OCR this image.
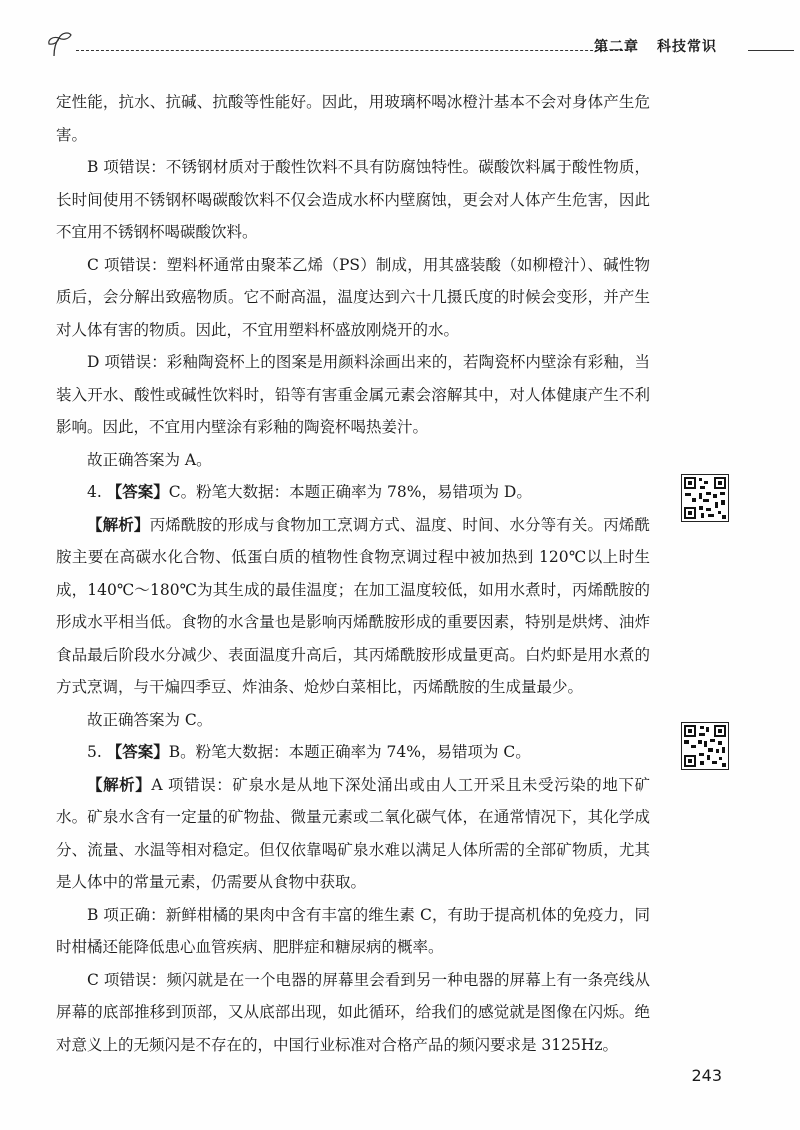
第二章 科技常识

定性能，抗水、抗碱、抗酸等性能好。因此，用玻璃杯喝冰橙汁基本不会对身体产生危害。

B 项错误：不锈钢材质对于酸性饮料不具有防腐蚀特性。碳酸饮料属于酸性物质，长时间使用不锈钢杯喝碳酸饮料不仅会造成水杯内壁腐蚀，更会对人体产生危害，因此不宜用不锈钢杯喝碳酸饮料。

C 项错误：塑料杯通常由聚苯乙烯（PS）制成，用其盛装酸（如柳橙汁）、碱性物质后，会分解出致癌物质。它不耐高温，温度达到六十几摄氏度的时候会变形，并产生对人体有害的物质。因此，不宜用塑料杯盛放刚烧开的水。

D 项错误：彩釉陶瓷杯上的图案是用颜料涂画出来的，若陶瓷杯内壁涂有彩釉，当装入开水、酸性或碱性饮料时，铅等有害重金属元素会溶解其中，对人体健康产生不利影响。因此，不宜用内壁涂有彩釉的陶瓷杯喝热姜汁。

故正确答案为 A。

4. 【答案】C。粉笔大数据：本题正确率为 78%，易错项为 D。

【解析】丙烯酰胺的形成与食物加工烹调方式、温度、时间、水分等有关。丙烯酰胺主要在高碳水化合物、低蛋白质的植物性食物烹调过程中被加热到 120℃以上时生成，140℃～180℃为其生成的最佳温度；在加工温度较低，如用水煮时，丙烯酰胺的形成水平相当低。食物的水含量也是影响丙烯酰胺形成的重要因素，特别是烘烤、油炸食品最后阶段水分减少、表面温度升高后，其丙烯酰胺形成量更高。白灼虾是用水煮的方式烹调，与干煸四季豆、炸油条、炝炒白菜相比，丙烯酰胺的生成量最少。

故正确答案为 C。

5. 【答案】B。粉笔大数据：本题正确率为 74%，易错项为 C。

【解析】A 项错误：矿泉水是从地下深处涌出或由人工开采且未受污染的地下矿水。矿泉水含有一定量的矿物盐、微量元素或二氧化碳气体，在通常情况下，其化学成分、流量、水温等相对稳定。但仅依靠喝矿泉水难以满足人体所需的全部矿物质，尤其是人体中的常量元素，仍需要从食物中获取。

B 项正确：新鲜柑橘的果肉中含有丰富的维生素 C，有助于提高机体的免疫力，同时柑橘还能降低患心血管疾病、肥胖症和糖尿病的概率。

C 项错误：频闪就是在一个电器的屏幕里会看到另一种电器的屏幕上有一条亮线从屏幕的底部推移到顶部，又从底部出现，如此循环，给我们的感觉就是图像在闪烁。绝对意义上的无频闪是不存在的，中国行业标准对合格产品的频闪要求是 3125Hz。

243
